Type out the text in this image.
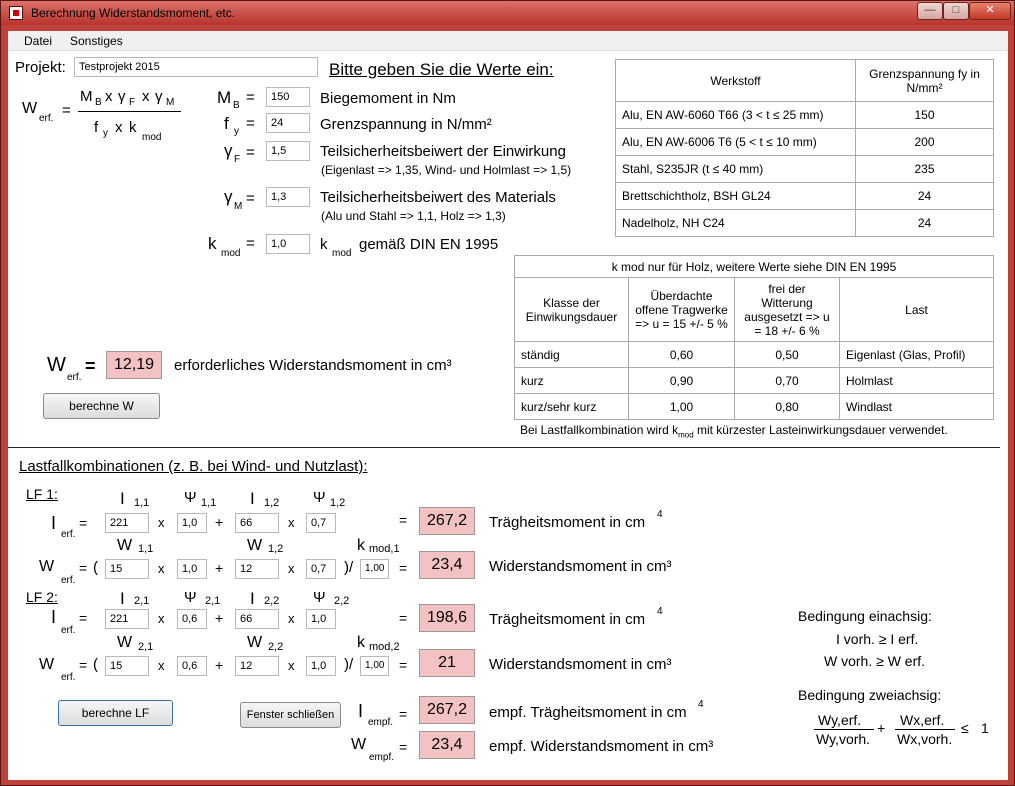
Berechnung Widerstandsmoment, etc.	—	□	✕
Datei Sonstiges
Projekt:	Testprojekt 2015	Bitte geben Sie die Werte ein:
W
erf. =
M B x γ F x γ M
f y x k
mod
M B =	150	Biegemoment in Nm
f y =	24	Grenzspannung in N/mm²
γ F =	1,5	Teilsicherheitsbeiwert der Einwirkung
(Eigenlast => 1,35, Wind- und Holmlast => 1,5)
γ
M =	1,3	Teilsicherheitsbeiwert des Materials
(Alu und Stahl => 1,1, Holz => 1,3)
k
mod
=	1,0	k
mod
gemäß DIN EN 1995
W
erf.
=	12,19	erforderliches Widerstandsmoment in cm³
berechne W
Werkstoff	Grenzspannung fy in N/mm²
Alu, EN AW-6060 T66 (3 < t ≤ 25 mm)	150
Alu, EN AW-6006 T6 (5 < t ≤ 10 mm)	200
Stahl, S235JR (t ≤ 40 mm)	235
Brettschichtholz, BSH GL24	24
Nadelholz, NH C24	24
k mod nur für Holz, weitere Werte siehe DIN EN 1995			
Klasse der Einwikungsdauer	Überdachte offene Tragwerke => u = 15 +/- 5 %	frei der Witterung ausgesetzt => u = 18 +/- 6 %	Last
ständig	0,60	0,50	Eigenlast (Glas, Profil)
kurz	0,90	0,70	Holmlast
kurz/sehr kurz	1,00	0,80	Windlast
Bei Lastfallkombination wird $k_{mod}$ mit kürzester Lasteinwirkungsdauer verwendet.
Lastfallkombinationen (z. B. bei Wind- und Nutzlast):
LF 1:	I 1,1 Ψ 1,1 I 1,2 Ψ 1,2
I
erf.
=	221	x	1,0	+	66	x	0,7	=	267,2	Trägheitsmoment in cm 4
W 1,1	W 1,2	k mod,1
W
erf.
= (	15	x	1,0	+	12	x	0,7	)/	1,00	=	23,4	Widerstandsmoment in cm³
LF 2:	I 2,1 Ψ 2,1 I 2,2 Ψ 2,2
I
erf.
=	221	x	0,6	+	66	x	1,0	=	198,6	Trägheitsmoment in cm 4
W 2,1	W 2,2	k mod,2
W
erf.
= (	15	x	0,6	+	12	x	1,0	)/	1,00	=	21	Widerstandsmoment in cm³
berechne LF	Fenster schließen	I
empf.
=	267,2	empf. Trägheitsmoment in cm 4
W
empf.
=	23,4	empf. Widerstandsmoment in cm³
Bedingung einachsig:
I vorh. ≥ I erf.
W vorh. ≥ W erf.
Bedingung zweiachsig:
Wy,erf.
Wy,vorh.
+ Wx,erf.
Wx,vorh.
≤ 1
